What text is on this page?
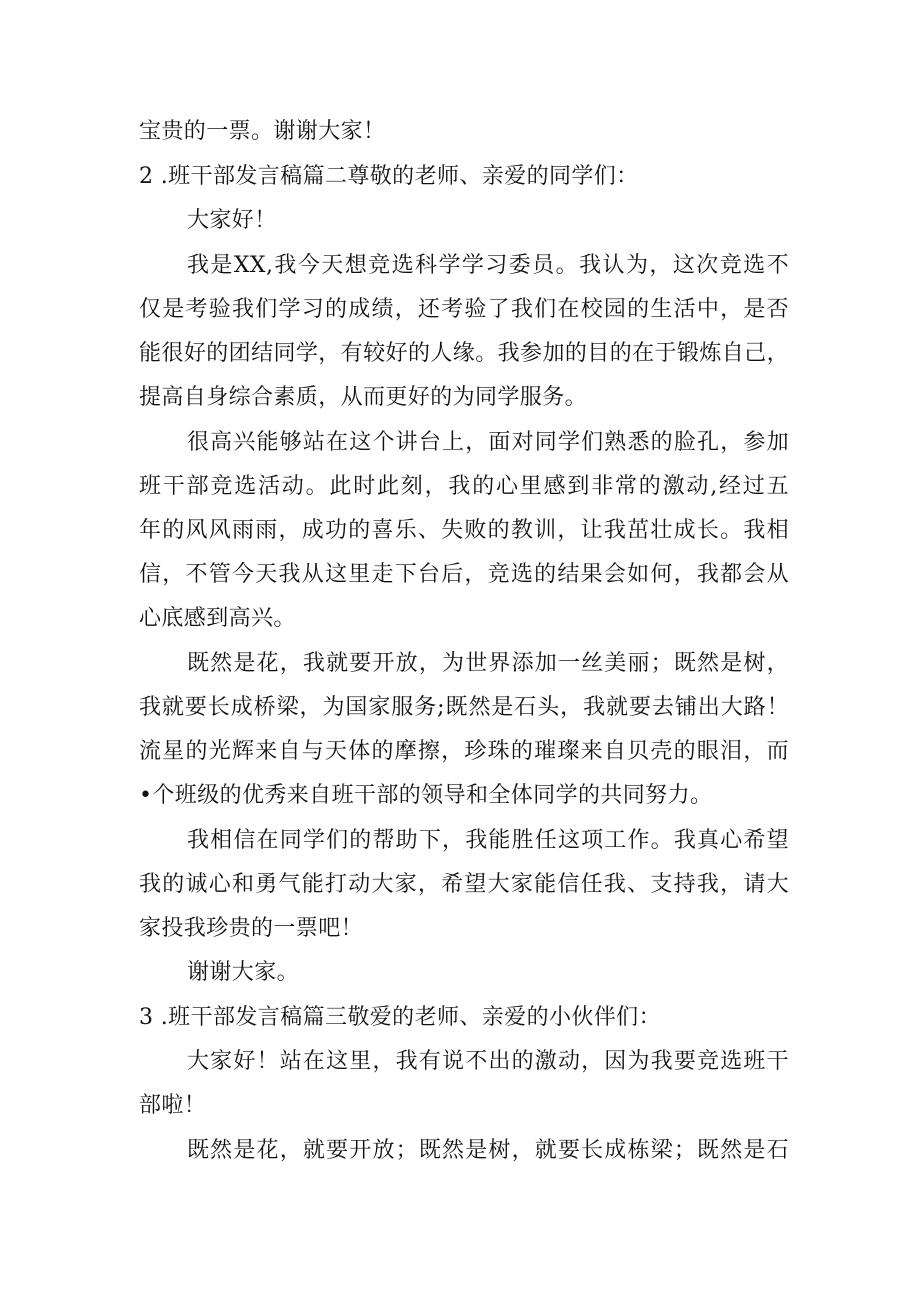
宝贵的一票。谢谢大家！
2 .班干部发言稿篇二尊敬的老师、亲爱的同学们：
大家好！
我是XX,我今天想竞选科学学习委员。我认为，这次竞选不
仅是考验我们学习的成绩，还考验了我们在校园的生活中，是否
能很好的团结同学，有较好的人缘。我参加的目的在于锻炼自己，
提高自身综合素质，从而更好的为同学服务。
很高兴能够站在这个讲台上，面对同学们熟悉的脸孔，参加
班干部竞选活动。此时此刻，我的心里感到非常的激动,经过五
年的风风雨雨，成功的喜乐、失败的教训，让我茁壮成长。我相
信，不管今天我从这里走下台后，竞选的结果会如何，我都会从
心底感到高兴。
既然是花，我就要开放，为世界添加一丝美丽；既然是树，
我就要长成桥梁，为国家服务;既然是石头，我就要去铺出大路！
流星的光辉来自与天体的摩擦，珍珠的璀璨来自贝壳的眼泪，而
•个班级的优秀来自班干部的领导和全体同学的共同努力。
我相信在同学们的帮助下，我能胜任这项工作。我真心希望
我的诚心和勇气能打动大家，希望大家能信任我、支持我，请大
家投我珍贵的一票吧！
谢谢大家。
3 .班干部发言稿篇三敬爱的老师、亲爱的小伙伴们：
大家好！站在这里，我有说不出的激动，因为我要竞选班干
部啦！
既然是花，就要开放；既然是树，就要长成栋梁；既然是石
